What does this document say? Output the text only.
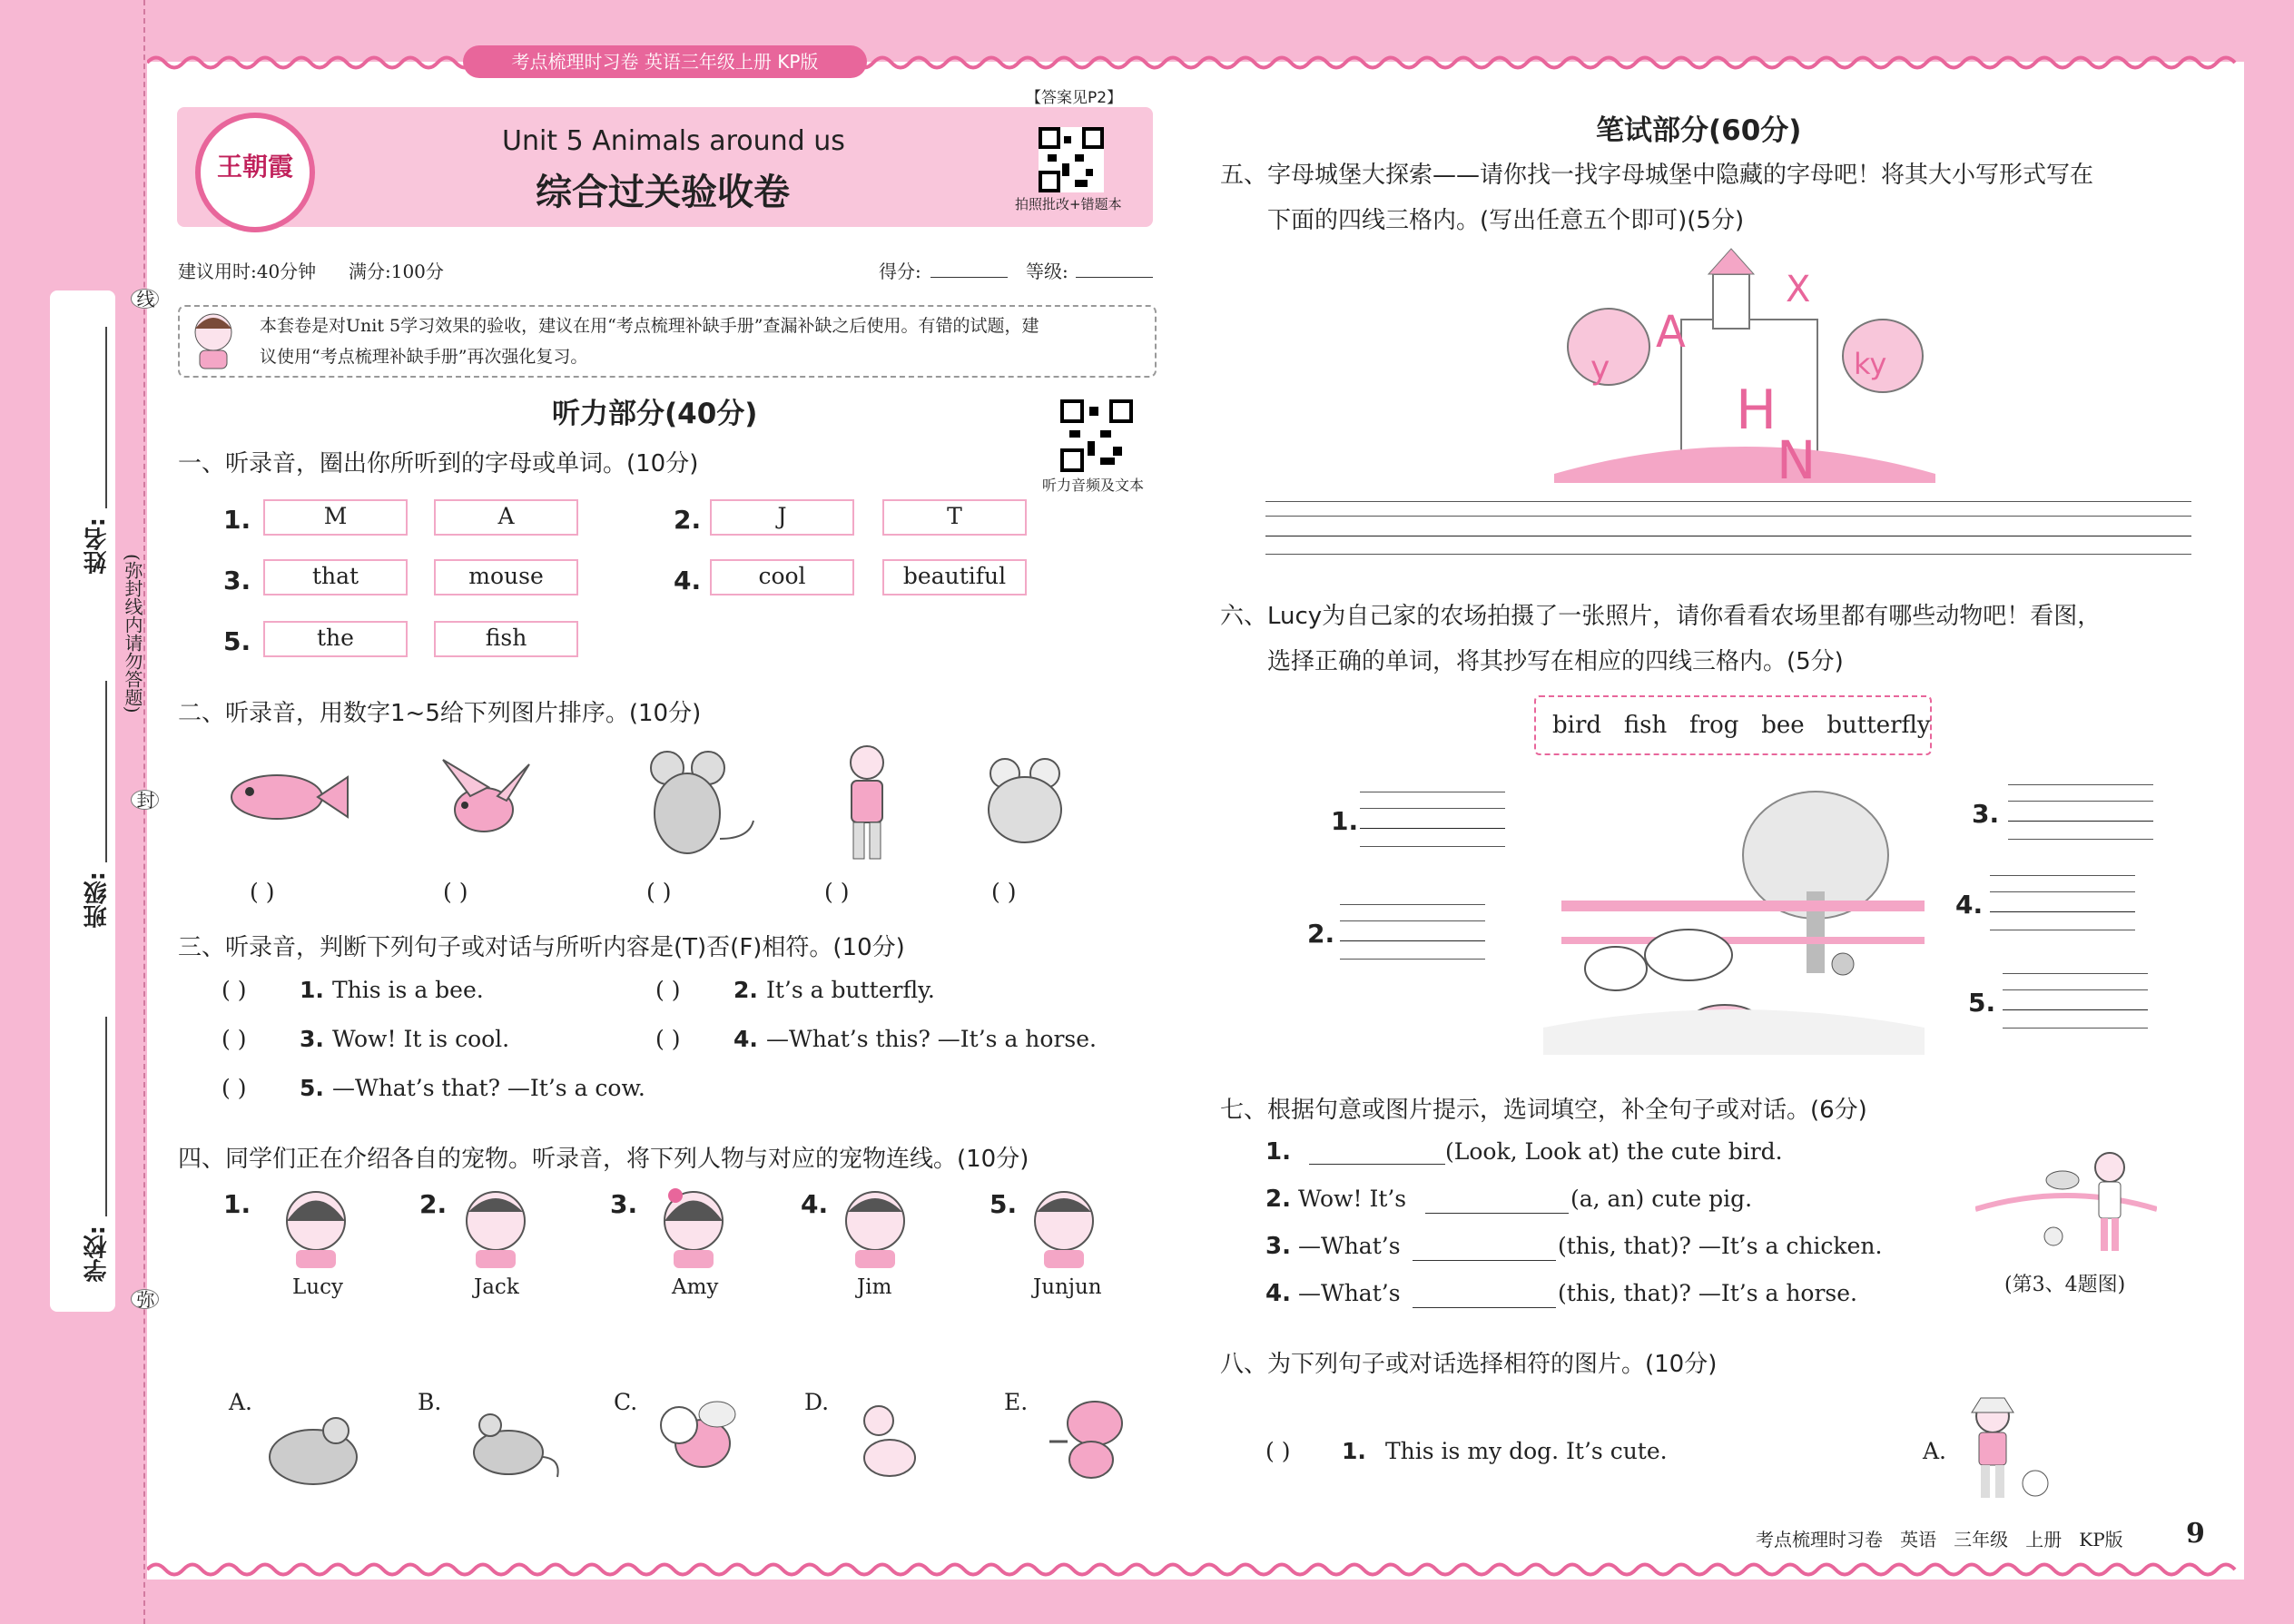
姓名:
班级:
学校:
(弥封线内请勿答题)
线
封
弥
考点梳理时习卷 英语三年级上册 KP版
【答案见P2】
王朝霞
Unit 5 Animals around us
综合过关验收卷	拍照批改+错题本
建议用时:40分钟 满分:100分	得分:	等级:
本套卷是对Unit 5学习效果的验收，建议在用“考点梳理补缺手册”查漏补缺之后使用。有错的试题，建
议使用“考点梳理补缺手册”再次强化复习。
听力部分(40分)
听力音频及文本
一、听录音，圈出你所听到的字母或单词。(10分)
1.	M	A	2.	J	T
3.	that	mouse	4.	cool	beautiful
5.	the	fish
二、听录音，用数字1~5给下列图片排序。(10分)
( )	( )	( )	( )	( )
三、听录音，判断下列句子或对话与所听内容是(T)否(F)相符。(10分)
( ) 1. This is a bee.	( ) 2. It’s a butterfly.
( ) 3. Wow! It is cool.	( ) 4. —What’s this? —It’s a horse.
( ) 5. —What’s that? —It’s a cow.
四、同学们正在介绍各自的宠物。听录音，将下列人物与对应的宠物连线。(10分)
1.
Lucy
2.
Jack
3.
Amy
4.
Jim
5.
Junjun
A.	B.	C.	D.	E.
笔试部分(60分)
五、字母城堡大探索——请你找一找字母城堡中隐藏的字母吧！将其大小写形式写在
下面的四线三格内。(写出任意五个即可)(5分)
A
X
H
N
ky
y
六、Lucy为自己家的农场拍摄了一张照片，请你看看农场里都有哪些动物吧！看图，
选择正确的单词，将其抄写在相应的四线三格内。(5分)
bird   fish   frog   bee   butterfly
1.
2.
3.
4.
5.
七、根据句意或图片提示，选词填空，补全句子或对话。(6分)
1.	(Look, Look at) the cute bird.
2. Wow! It’s	(a, an) cute pig.
3. —What’s	(this, that)? —It’s a chicken.
4. —What’s	(this, that)? —It’s a horse.	(第3、4题图)
八、为下列句子或对话选择相符的图片。(10分)
( ) 1. This is my dog. It’s cute.	A.
考点梳理时习卷   英语   三年级   上册   KP版 9
